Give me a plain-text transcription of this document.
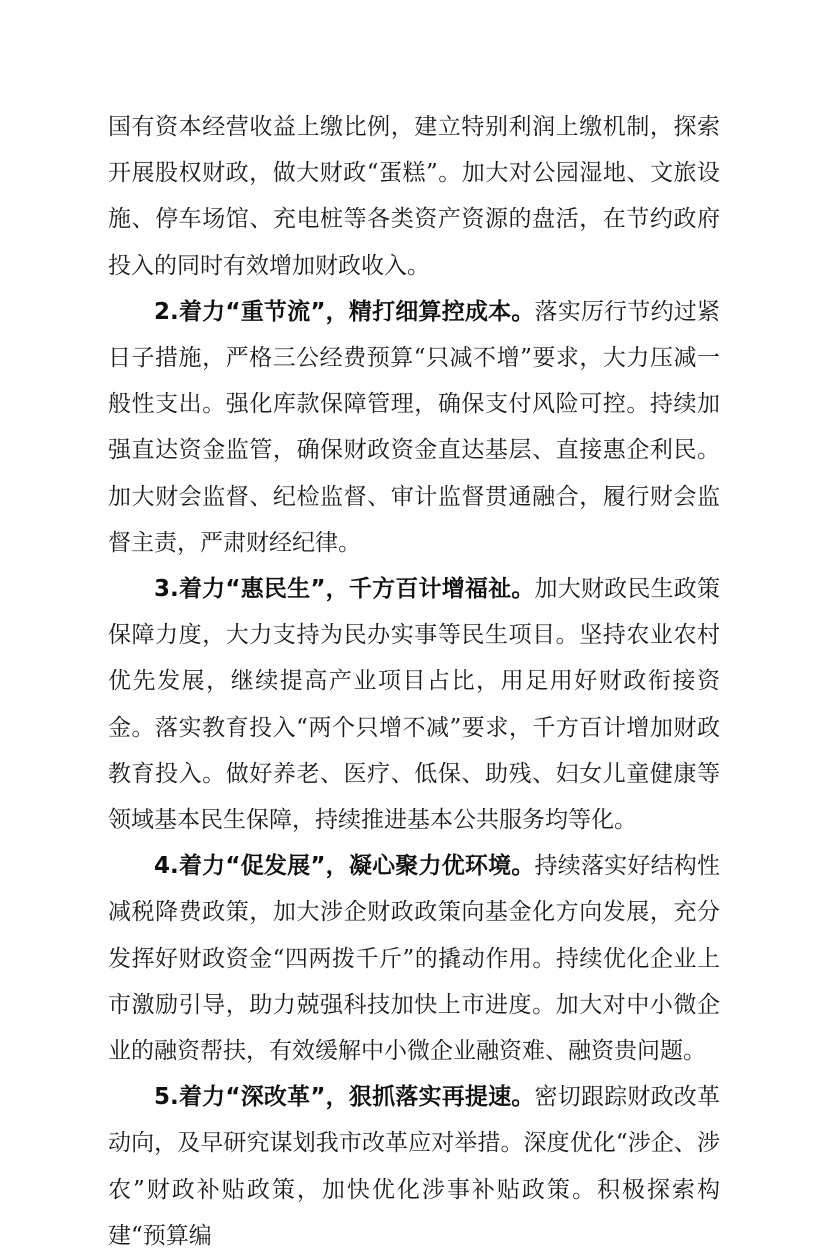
国有资本经营收益上缴比例，建立特别利润上缴机制，探索开展股权财政，做大财政“蛋糕”。加大对公园湿地、文旅设施、停车场馆、充电桩等各类资产资源的盘活，在节约政府投入的同时有效增加财政收入。

2.着力“重节流”，精打细算控成本。落实厉行节约过紧日子措施，严格三公经费预算“只减不增”要求，大力压减一般性支出。强化库款保障管理，确保支付风险可控。持续加强直达资金监管，确保财政资金直达基层、直接惠企利民。加大财会监督、纪检监督、审计监督贯通融合，履行财会监督主责，严肃财经纪律。

3.着力“惠民生”，千方百计增福祉。加大财政民生政策保障力度，大力支持为民办实事等民生项目。坚持农业农村优先发展，继续提高产业项目占比，用足用好财政衔接资金。落实教育投入“两个只增不减”要求，千方百计增加财政教育投入。做好养老、医疗、低保、助残、妇女儿童健康等领域基本民生保障，持续推进基本公共服务均等化。

4.着力“促发展”，凝心聚力优环境。持续落实好结构性减税降费政策，加大涉企财政政策向基金化方向发展，充分发挥好财政资金“四两拨千斤”的撬动作用。持续优化企业上市激励引导，助力兢强科技加快上市进度。加大对中小微企业的融资帮扶，有效缓解中小微企业融资难、融资贵问题。

5.着力“深改革”，狠抓落实再提速。密切跟踪财政改革动向，及早研究谋划我市改革应对举措。深度优化“涉企、涉农”财政补贴政策，加快优化涉事补贴政策。积极探索构建“预算编
